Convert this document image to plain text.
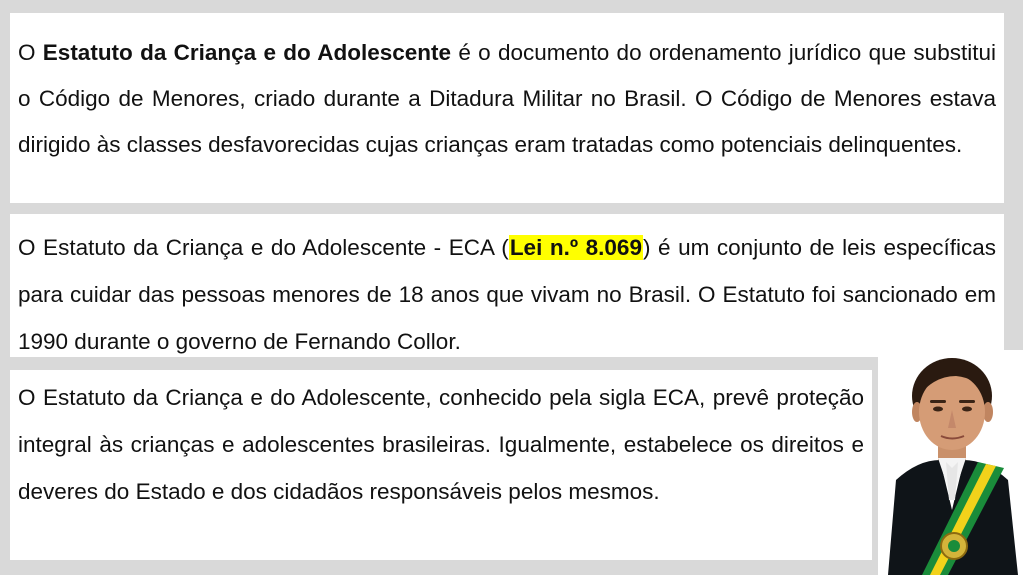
O Estatuto da Criança e do Adolescente é o documento do ordenamento jurídico que substitui o Código de Menores, criado durante a Ditadura Militar no Brasil. O Código de Menores estava dirigido às classes desfavorecidas cujas crianças eram tratadas como potenciais delinquentes.

O Estatuto da Criança e do Adolescente - ECA (Lei n.º 8.069) é um conjunto de leis específicas para cuidar das pessoas menores de 18 anos que vivam no Brasil. O Estatuto foi sancionado em 1990 durante o governo de Fernando Collor.

O Estatuto da Criança e do Adolescente, conhecido pela sigla ECA, prevê proteção integral às crianças e adolescentes brasileiras. Igualmente, estabelece os direitos e deveres do Estado e dos cidadãos responsáveis pelos mesmos.
